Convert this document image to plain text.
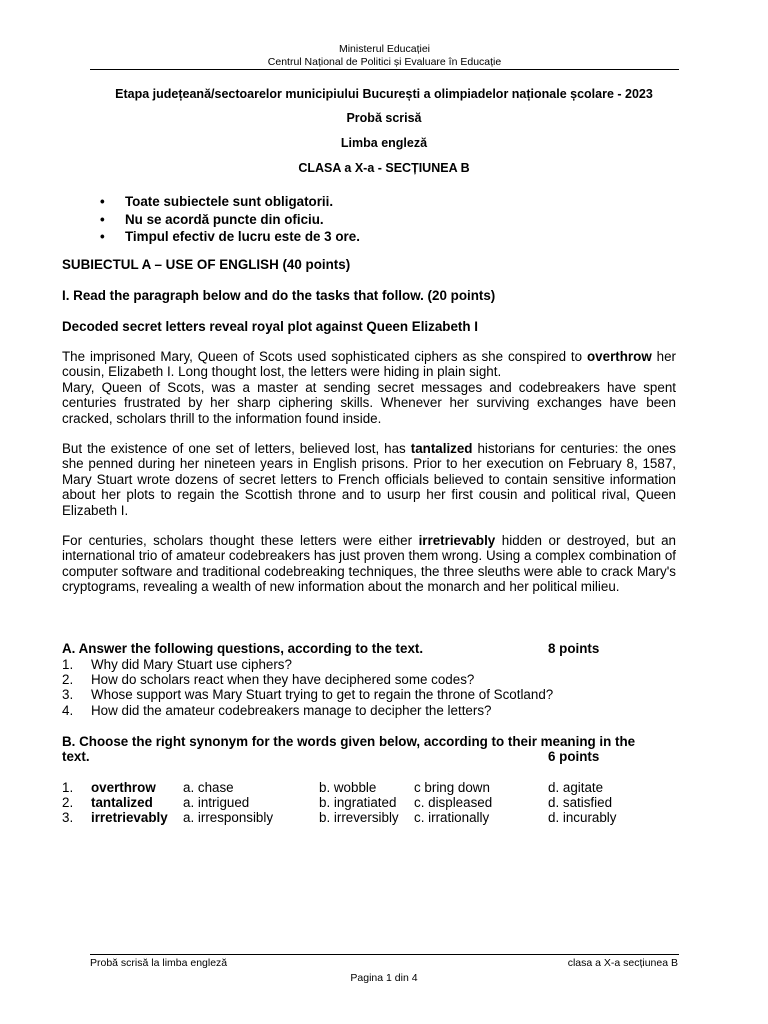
Ministerul Educației
Centrul Național de Politici și Evaluare în Educație
Etapa județeană/sectoarelor municipiului București a olimpiadelor naționale școlare - 2023
Probă scrisă
Limba engleză
CLASA a X-a - SECȚIUNEA B
• Toate subiectele sunt obligatorii.
• Nu se acordă puncte din oficiu.
• Timpul efectiv de lucru este de 3 ore.
SUBIECTUL A – USE OF ENGLISH (40 points)
I. Read the paragraph below and do the tasks that follow. (20 points)
Decoded secret letters reveal royal plot against Queen Elizabeth I
The imprisoned Mary, Queen of Scots used sophisticated ciphers as she conspired to overthrow her cousin, Elizabeth I. Long thought lost, the letters were hiding in plain sight.
Mary, Queen of Scots, was a master at sending secret messages and codebreakers have spent centuries frustrated by her sharp ciphering skills. Whenever her surviving exchanges have been cracked, scholars thrill to the information found inside.
But the existence of one set of letters, believed lost, has tantalized historians for centuries: the ones she penned during her nineteen years in English prisons. Prior to her execution on February 8, 1587, Mary Stuart wrote dozens of secret letters to French officials believed to contain sensitive information about her plots to regain the Scottish throne and to usurp her first cousin and political rival, Queen Elizabeth I.
For centuries, scholars thought these letters were either irretrievably hidden or destroyed, but an international trio of amateur codebreakers has just proven them wrong. Using a complex combination of computer software and traditional codebreaking techniques, the three sleuths were able to crack Mary's cryptograms, revealing a wealth of new information about the monarch and her political milieu.
A. Answer the following questions, according to the text.	8 points
1. Why did Mary Stuart use ciphers?
2. How do scholars react when they have deciphered some codes?
3. Whose support was Mary Stuart trying to get to regain the throne of Scotland?
4. How did the amateur codebreakers manage to decipher the letters?
B. Choose the right synonym for the words given below, according to their meaning in the
text.	6 points
1. overthrow a. chase	b. wobble	c bring down	d. agitate
2. tantalized a. intrigued	b. ingratiated c. displeased	d. satisfied
3. irretrievably a. irresponsibly	b. irreversibly c. irrationally	d. incurably
Probă scrisă la limba engleză	clasa a X-a secțiunea B
Pagina 1 din 4
